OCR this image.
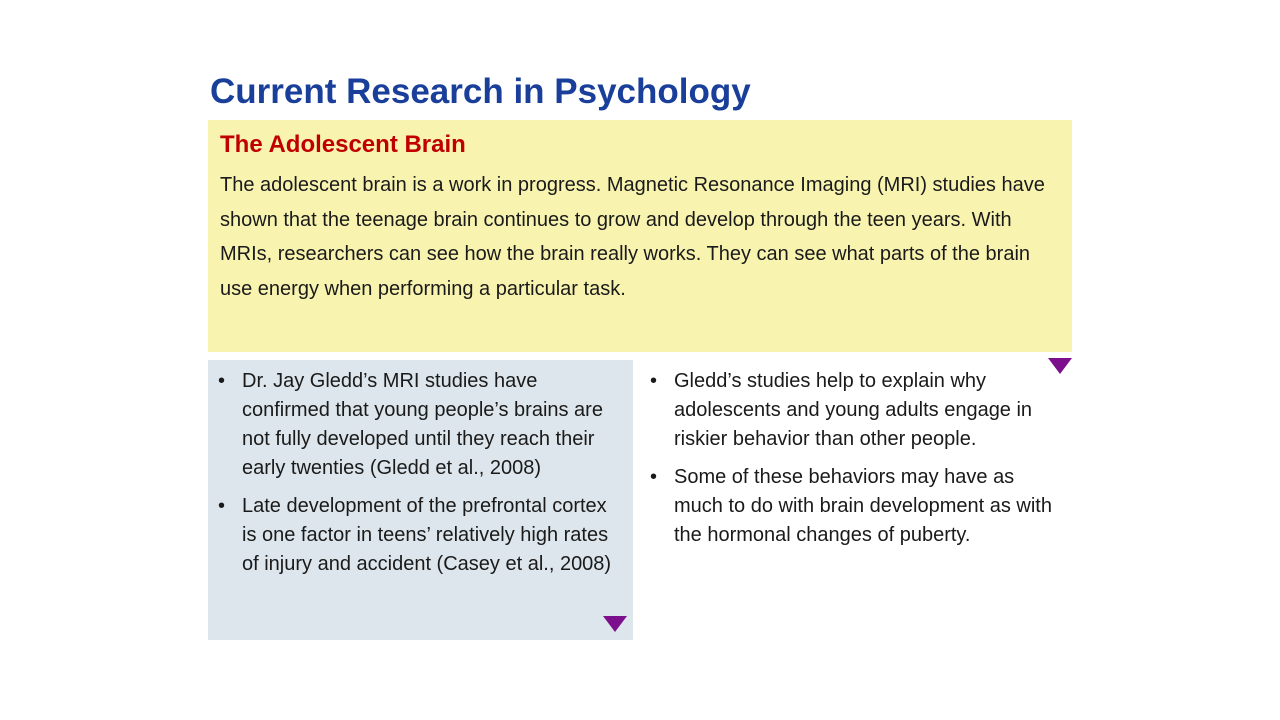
Current Research in Psychology
The Adolescent Brain

The adolescent brain is a work in progress. Magnetic Resonance Imaging (MRI) studies have shown that the teenage brain continues to grow and develop through the teen years. With MRIs, researchers can see how the brain really works. They can see what parts of the brain use energy when performing a particular task.

• Dr. Jay Gledd’s MRI studies have confirmed that young people’s brains are not fully developed until they reach their early twenties (Gledd et al., 2008)
• Late development of the prefrontal cortex is one factor in teens’ relatively high rates of injury and accident (Casey et al., 2008)
• Gledd’s studies help to explain why adolescents and young adults engage in riskier behavior than other people.
• Some of these behaviors may have as much to do with brain development as with the hormonal changes of puberty.
